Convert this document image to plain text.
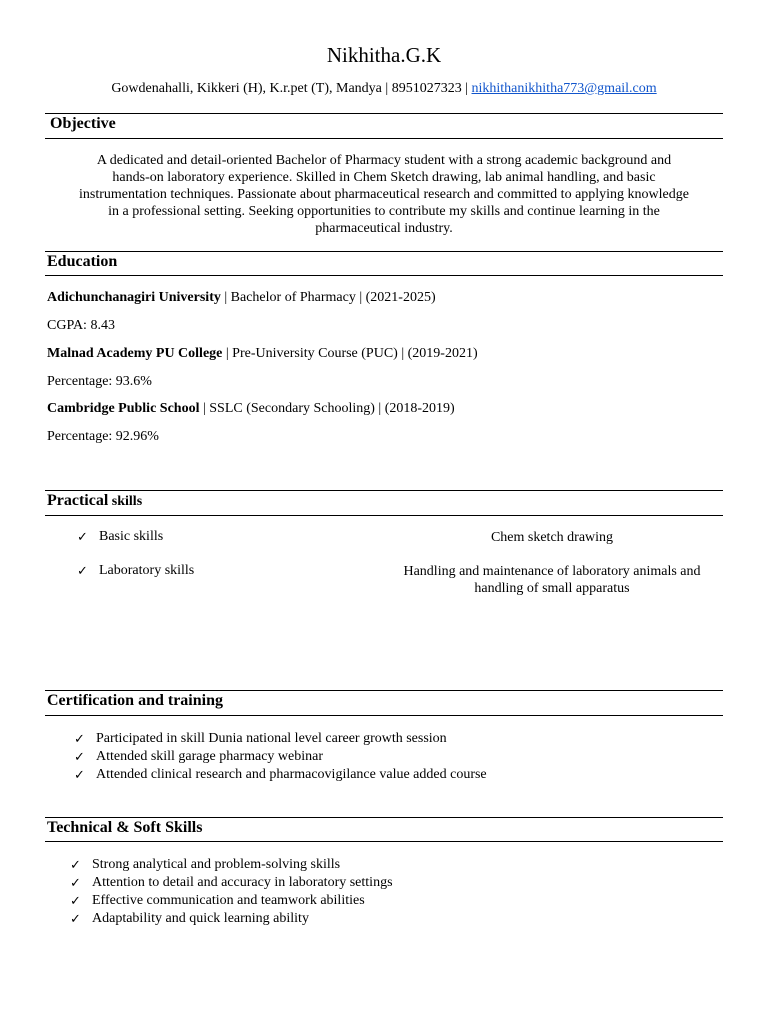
Nikhitha.G.K
Gowdenahalli, Kikkeri (H), K.r.pet (T), Mandya | 8951027323 | nikhithanikhitha773@gmail.com
Objective
A dedicated and detail-oriented Bachelor of Pharmacy student with a strong academic background and
hands-on laboratory experience. Skilled in Chem Sketch drawing, lab animal handling, and basic
instrumentation techniques. Passionate about pharmaceutical research and committed to applying knowledge
in a professional setting. Seeking opportunities to contribute my skills and continue learning in the
pharmaceutical industry.
Education
Adichunchanagiri University | Bachelor of Pharmacy | (2021-2025)
CGPA: 8.43
Malnad Academy PU College | Pre-University Course (PUC) | (2019-2021)
Percentage: 93.6%
Cambridge Public School | SSLC (Secondary Schooling) | (2018-2019)
Percentage: 92.96%
Practical skills
✓ Basic skills	Chem sketch drawing
✓ Laboratory skills	Handling and maintenance of laboratory animals and handling of small apparatus
Certification and training
✓ Participated in skill Dunia national level career growth session
✓ Attended skill garage pharmacy webinar
✓ Attended clinical research and pharmacovigilance value added course
Technical & Soft Skills
✓ Strong analytical and problem-solving skills
✓ Attention to detail and accuracy in laboratory settings
✓ Effective communication and teamwork abilities
✓ Adaptability and quick learning ability
